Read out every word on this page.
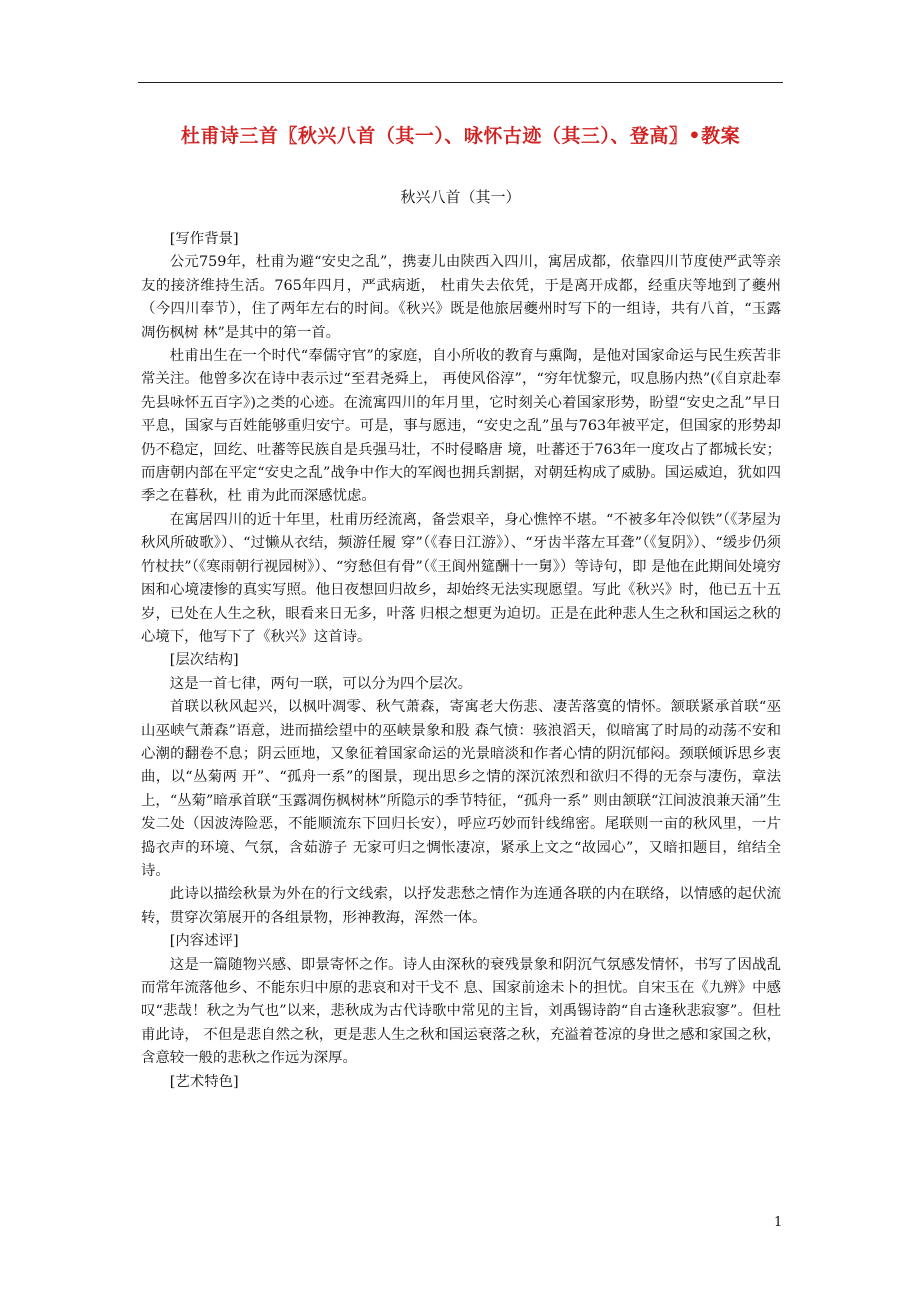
杜甫诗三首〖秋兴八首（其一）、咏怀古迹（其三）、登高〗•教案
秋兴八首（其一）

[写作背景]

公元759年，杜甫为避“安史之乱”，携妻儿由陕西入四川，寓居成都，依靠四川节度使严武等亲友的接济维持生活。765年四月，严武病逝， 杜甫失去依凭，于是离开成都，经重庆等地到了夔州（今四川奉节），住了两年左右的时间。《秋兴》既是他旅居夔州时写下的一组诗，共有八首，“玉露凋伤枫树 林”是其中的第一首。

杜甫出生在一个时代“奉儒守官”的家庭，自小所收的教育与熏陶，是他对国家命运与民生疾苦非常关注。他曾多次在诗中表示过“至君尧舜上， 再使风俗淳”，“穷年忧黎元，叹息肠内热”(《自京赴奉先县咏怀五百字》)之类的心迹。在流寓四川的年月里，它时刻关心着国家形势，盼望“安史之乱”早日 平息，国家与百姓能够重归安宁。可是，事与愿违，“安史之乱”虽与763年被平定，但国家的形势却仍不稳定，回纥、吐蕃等民族自是兵强马壮，不时侵略唐 境，吐蕃还于763年一度攻占了都城长安；而唐朝内部在平定“安史之乱”战争中作大的军阀也拥兵割据，对朝廷构成了威胁。国运威迫，犹如四季之在暮秋，杜 甫为此而深感忧虑。

在寓居四川的近十年里，杜甫历经流离，备尝艰辛，身心憔悴不堪。“不被多年冷似铁”（《茅屋为秋风所破歌》）、“过懒从衣结，频游任履 穿”（《春日江游》）、“牙齿半落左耳聋”（《复阴》）、“缓步仍须竹杖扶”（《寒雨朝行视园树》）、“穷愁但有骨”（《王阆州筵酬十一舅》）等诗句，即 是他在此期间处境穷困和心境凄惨的真实写照。他日夜想回归故乡，却始终无法实现愿望。写此《秋兴》时，他已五十五岁，已处在人生之秋，眼看来日无多，叶落 归根之想更为迫切。正是在此种悲人生之秋和国运之秋的心境下，他写下了《秋兴》这首诗。

[层次结构]

这是一首七律，两句一联，可以分为四个层次。

首联以秋风起兴，以枫叶凋零、秋气萧森，寄寓老大伤悲、凄苦落寞的情怀。颔联紧承首联“巫山巫峡气萧森”语意，进而描绘望中的巫峡景象和股 森气愤：骇浪滔天，似暗寓了时局的动荡不安和心潮的翻卷不息；阴云匝地，又象征着国家命运的光景暗淡和作者心情的阴沉郁闷。颈联倾诉思乡衷曲，以“丛菊两 开”、“孤舟一系”的图景，现出思乡之情的深沉浓烈和欲归不得的无奈与凄伤，章法上，“丛菊”暗承首联“玉露凋伤枫树林”所隐示的季节特征，“孤舟一系” 则由颔联“江间波浪兼天涌”生发二处（因波涛险恶，不能顺流东下回归长安），呼应巧妙而针线绵密。尾联则一亩的秋风里，一片捣衣声的环境、气氛，含茹游子 无家可归之惆怅凄凉，紧承上文之“故园心”，又暗扣题目，绾结全诗。

此诗以描绘秋景为外在的行文线索，以抒发悲愁之情作为连通各联的内在联络，以情感的起伏流转，贯穿次第展开的各组景物，形神教海，浑然一体。

[内容述评]

这是一篇随物兴感、即景寄怀之作。诗人由深秋的衰残景象和阴沉气氛感发情怀，书写了因战乱而常年流落他乡、不能东归中原的悲哀和对干戈不 息、国家前途未卜的担忧。自宋玉在《九辨》中感叹“悲哉！秋之为气也”以来，悲秋成为古代诗歌中常见的主旨，刘禹锡诗韵“自古逢秋悲寂寥”。但杜甫此诗， 不但是悲自然之秋，更是悲人生之秋和国运衰落之秋，充溢着苍凉的身世之感和家国之秋，含意较一般的悲秋之作远为深厚。

[艺术特色]

1
